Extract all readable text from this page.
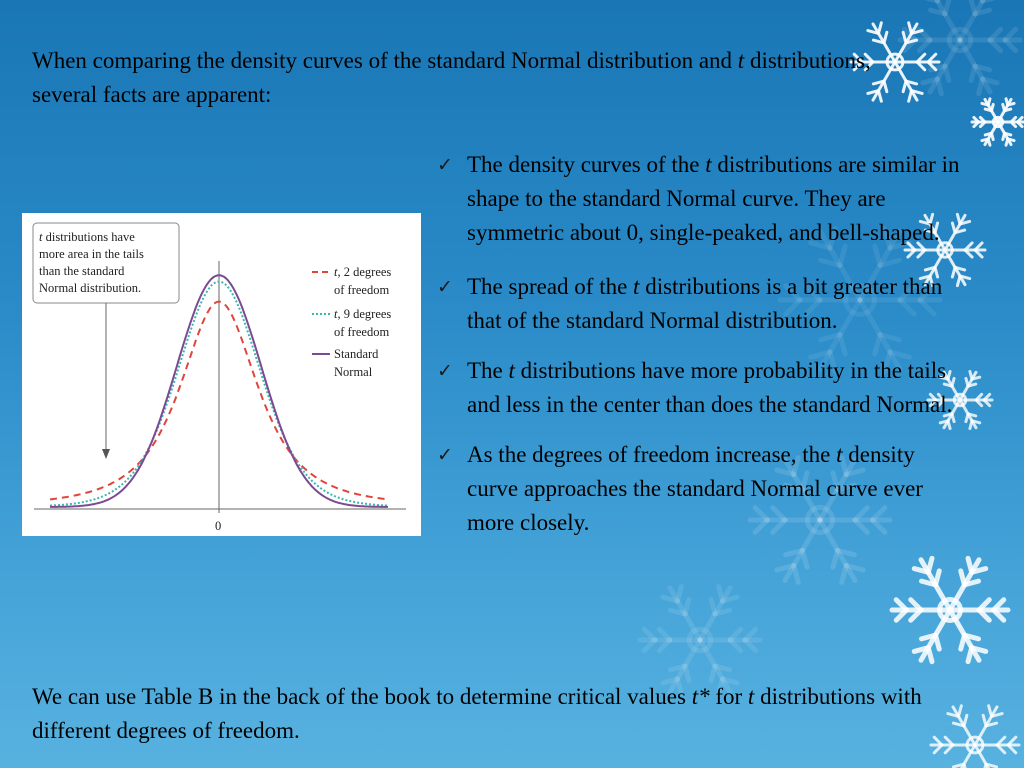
When comparing the density curves of the standard Normal distribution and t distributions, several facts are apparent:

t distributions have
more area in the tails
than the standard
Normal distribution.
0
t, 2 degrees
of freedom
t, 9 degrees
of freedom
Standard
Normal
✓ The density curves of the t distributions are similar in shape to the standard Normal curve. They are symmetric about 0, single-peaked, and bell-shaped.
✓ The spread of the t distributions is a bit greater than that of the standard Normal distribution.
✓ The t distributions have more probability in the tails and less in the center than does the standard Normal.
✓ As the degrees of freedom increase, the t density curve approaches the standard Normal curve ever more closely.

We can use Table B in the back of the book to determine critical values t* for t distributions with different degrees of freedom.
